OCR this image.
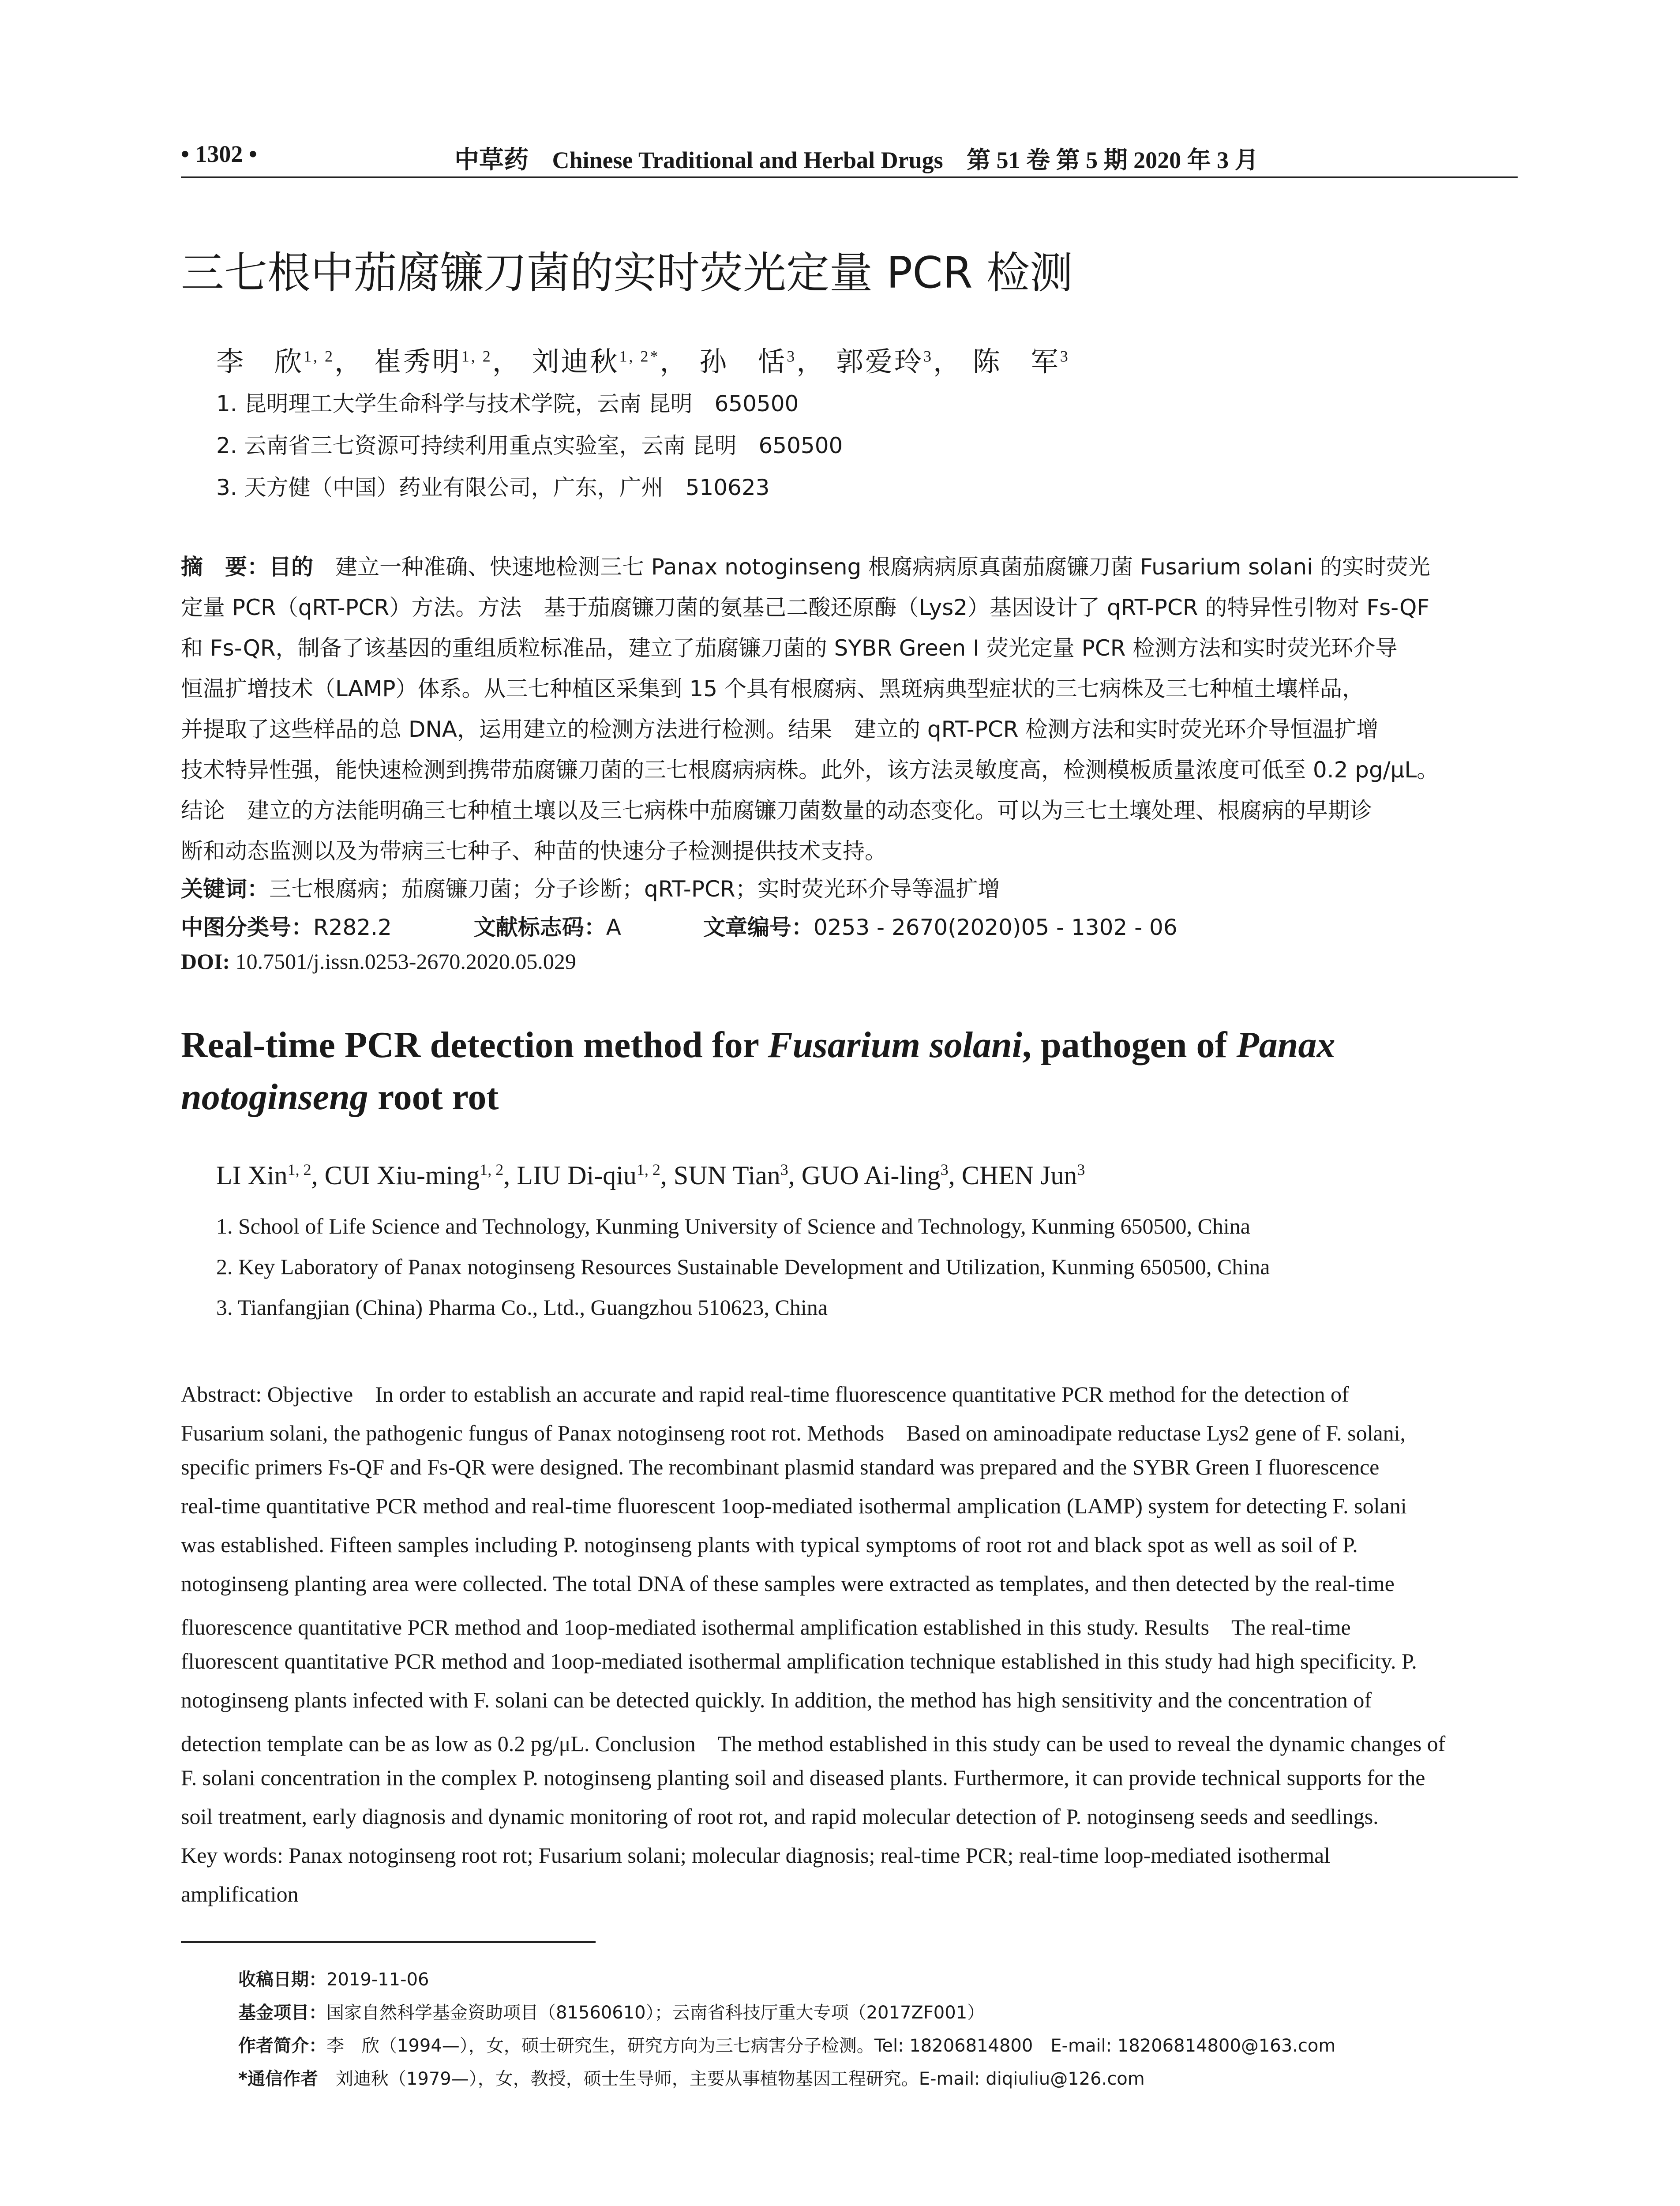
• 1302 •	中草药 Chinese Traditional and Herbal Drugs 第 51 卷 第 5 期 2020 年 3 月
三七根中茄腐镰刀菌的实时荧光定量 PCR 检测
李　欣$^{1, 2}$， 崔秀明$^{1, 2}$， 刘迪秋$^{1, 2*}$， 孙　恬$^3$， 郭爱玲$^3$， 陈　军$^3$
1. 昆明理工大学生命科学与技术学院，云南 昆明　650500
2. 云南省三七资源可持续利用重点实验室，云南 昆明　650500
3. 天方健（中国）药业有限公司，广东，广州　510623
摘　要：目的　建立一种准确、快速地检测三七 Panax notoginseng 根腐病病原真菌茄腐镰刀菌 Fusarium solani 的实时荧光
定量 PCR（qRT-PCR）方法。方法　基于茄腐镰刀菌的氨基己二酸还原酶（Lys2）基因设计了 qRT-PCR 的特异性引物对 Fs-QF
和 Fs-QR，制备了该基因的重组质粒标准品，建立了茄腐镰刀菌的 SYBR Green I 荧光定量 PCR 检测方法和实时荧光环介导
恒温扩增技术（LAMP）体系。从三七种植区采集到 15 个具有根腐病、黑斑病典型症状的三七病株及三七种植土壤样品，
并提取了这些样品的总 DNA，运用建立的检测方法进行检测。结果　建立的 qRT-PCR 检测方法和实时荧光环介导恒温扩增
技术特异性强，能快速检测到携带茄腐镰刀菌的三七根腐病病株。此外，该方法灵敏度高，检测模板质量浓度可低至 0.2 pg/μL。
结论　建立的方法能明确三七种植土壤以及三七病株中茄腐镰刀菌数量的动态变化。可以为三七土壤处理、根腐病的早期诊
断和动态监测以及为带病三七种子、种苗的快速分子检测提供技术支持。
关键词：三七根腐病；茄腐镰刀菌；分子诊断；qRT-PCR；实时荧光环介导等温扩增
中图分类号：R282.2	文献标志码：A	文章编号：0253 - 2670(2020)05 - 1302 - 06
DOI: 10.7501/j.issn.0253-2670.2020.05.029
Real-time PCR detection method for Fusarium solani, pathogen of Panax
notoginseng root rot
LI Xin$^{1, 2}$, CUI Xiu-ming$^{1, 2}$, LIU Di-qiu$^{1, 2}$, SUN Tian$^3$, GUO Ai-ling$^3$, CHEN Jun$^3$
1. School of Life Science and Technology, Kunming University of Science and Technology, Kunming 650500, China
2. Key Laboratory of Panax notoginseng Resources Sustainable Development and Utilization, Kunming 650500, China
3. Tianfangjian (China) Pharma Co., Ltd., Guangzhou 510623, China
Abstract: Objective　In order to establish an accurate and rapid real-time fluorescence quantitative PCR method for the detection of
Fusarium solani, the pathogenic fungus of Panax notoginseng root rot. Methods　Based on aminoadipate reductase Lys2 gene of F. solani,
specific primers Fs-QF and Fs-QR were designed. The recombinant plasmid standard was prepared and the SYBR Green I fluorescence
real-time quantitative PCR method and real-time fluorescent 1oop-mediated isothermal amplication (LAMP) system for detecting F. solani
was established. Fifteen samples including P. notoginseng plants with typical symptoms of root rot and black spot as well as soil of P.
notoginseng planting area were collected. The total DNA of these samples were extracted as templates, and then detected by the real-time
fluorescence quantitative PCR method and 1oop-mediated isothermal amplification established in this study. Results　The real-time
fluorescent quantitative PCR method and 1oop-mediated isothermal amplification technique established in this study had high specificity. P.
notoginseng plants infected with F. solani can be detected quickly. In addition, the method has high sensitivity and the concentration of
detection template can be as low as 0.2 pg/μL. Conclusion　The method established in this study can be used to reveal the dynamic changes of
F. solani concentration in the complex P. notoginseng planting soil and diseased plants. Furthermore, it can provide technical supports for the
soil treatment, early diagnosis and dynamic monitoring of root rot, and rapid molecular detection of P. notoginseng seeds and seedlings.
Key words: Panax notoginseng root rot; Fusarium solani; molecular diagnosis; real-time PCR; real-time loop-mediated isothermal
amplification
收稿日期：2019-11-06
基金项目：国家自然科学基金资助项目（81560610）；云南省科技厅重大专项（2017ZF001）
作者简介：李　欣（1994—），女，硕士研究生，研究方向为三七病害分子检测。Tel: 18206814800　E-mail: 18206814800@163.com
*通信作者　刘迪秋（1979—），女，教授，硕士生导师，主要从事植物基因工程研究。E-mail: diqiuliu@126.com
